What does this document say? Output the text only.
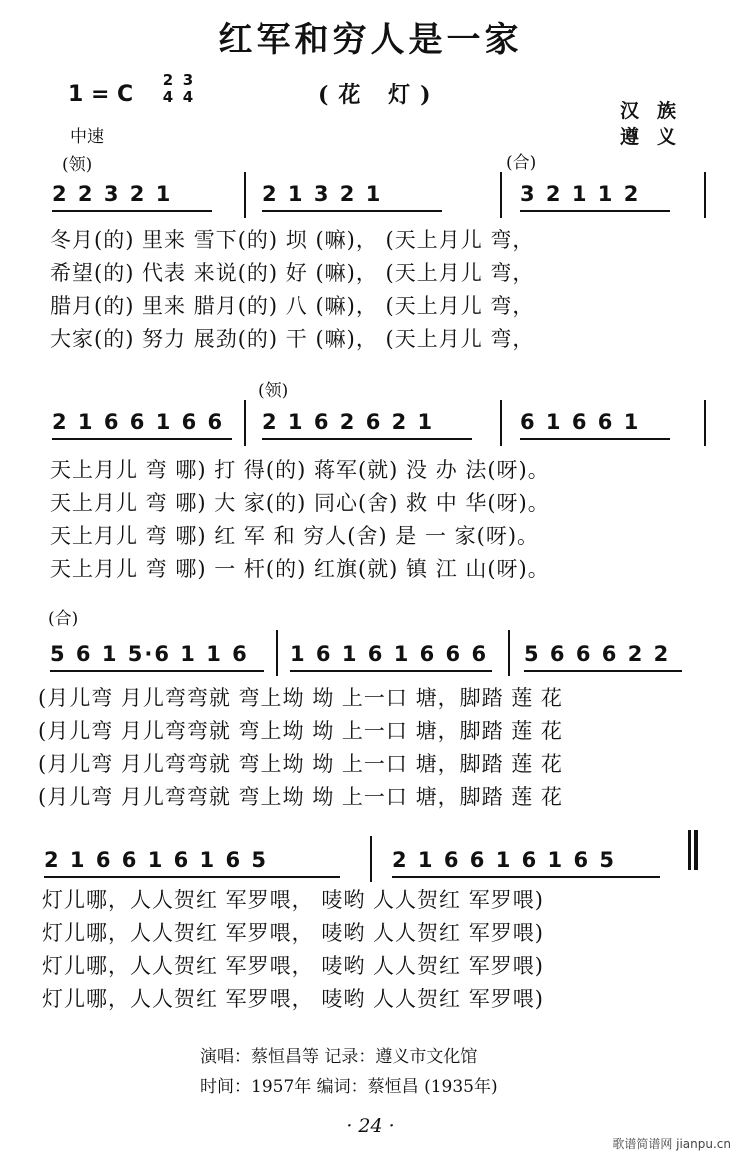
红军和穷人是一家
1 = C
2 3
4 4	(花 灯)
汉族
遵义
中速
(领)	(合)
2 2 3 2 1	2 1 3 2 1	3 2 1 1 2
冬月(的) 里来 雪下(的) 坝 (嘛)， (天上月儿 弯，
希望(的) 代表 来说(的) 好 (嘛)， (天上月儿 弯，
腊月(的) 里来 腊月(的) 八 (嘛)， (天上月儿 弯，
大家(的) 努力 展劲(的) 干 (嘛)， (天上月儿 弯，
(领)
2 1 6 6 1 6 6 2 1 6 2 6 2 1	6 1 6 6 1
天上月儿 弯 哪) 打 得(的) 蒋军(就) 没 办 法(呀)。
天上月儿 弯 哪) 大 家(的) 同心(舍) 救 中 华(呀)。
天上月儿 弯 哪) 红 军 和 穷人(舍) 是 一 家(呀)。
天上月儿 弯 哪) 一 杆(的) 红旗(就) 镇 江 山(呀)。
(合)
5 6 1 5·6 1 1 6 1 6 1 6 1 6 6 6 5 6 6 6 2 2
(月儿弯 月儿弯弯就 弯上坳 坳 上一口 塘，脚踏 莲 花
(月儿弯 月儿弯弯就 弯上坳 坳 上一口 塘，脚踏 莲 花
(月儿弯 月儿弯弯就 弯上坳 坳 上一口 塘，脚踏 莲 花
(月儿弯 月儿弯弯就 弯上坳 坳 上一口 塘，脚踏 莲 花
2 1 6 6 1 6 1 6 5	2 1 6 6 1 6 1 6 5
灯儿哪，人人贺红 军罗喂， 唛哟 人人贺红 军罗喂)
灯儿哪，人人贺红 军罗喂， 唛哟 人人贺红 军罗喂)
灯儿哪，人人贺红 军罗喂， 唛哟 人人贺红 军罗喂)
灯儿哪，人人贺红 军罗喂， 唛哟 人人贺红 军罗喂)
演唱：蔡恒昌等 记录：遵义市文化馆
时间：1957年 编词：蔡恒昌 (1935年)
· 24 ·
歌谱简谱网 jianpu.cn
